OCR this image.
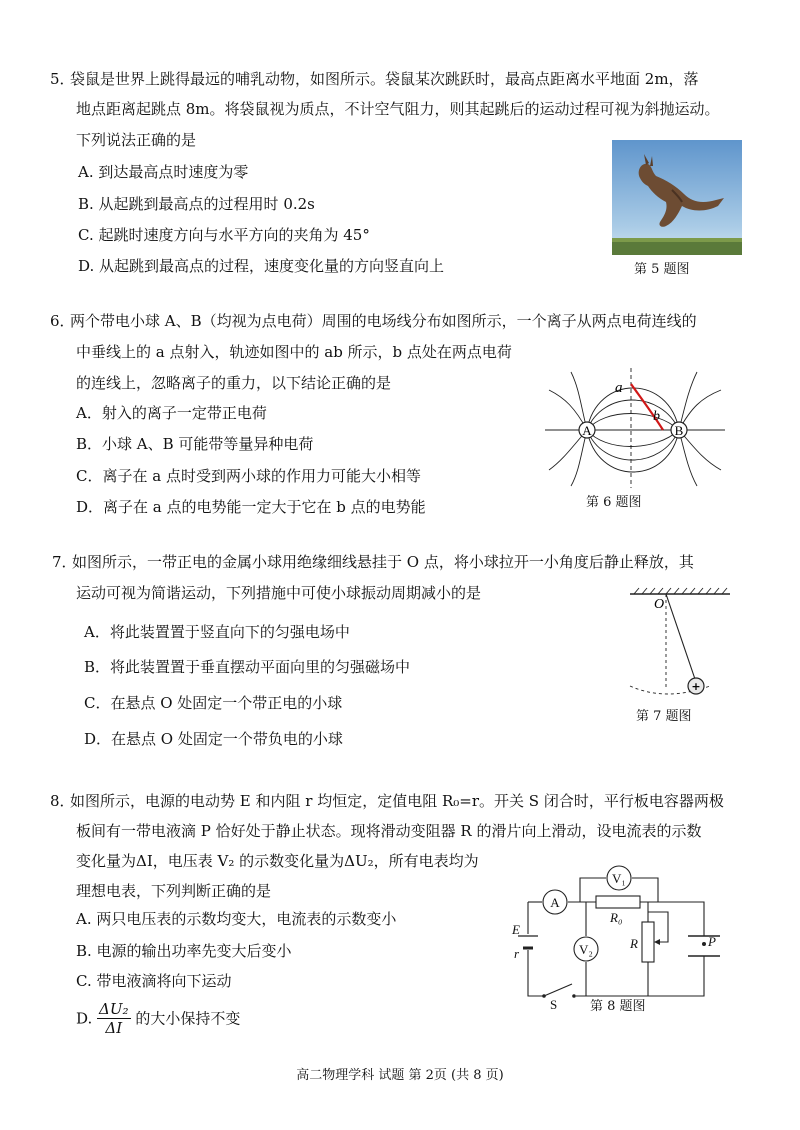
5．袋鼠是世界上跳得最远的哺乳动物，如图所示。袋鼠某次跳跃时，最高点距离水平地面 2m，落
地点距离起跳点 8m。将袋鼠视为质点，不计空气阻力，则其起跳后的运动过程可视为斜抛运动。
下列说法正确的是
A. 到达最高点时速度为零
B. 从起跳到最高点的过程用时 0.2s
C. 起跳时速度方向与水平方向的夹角为 45°
D. 从起跳到最高点的过程，速度变化量的方向竖直向上	第 5 题图
6．两个带电小球 A、B（均视为点电荷）周围的电场线分布如图所示，一个离子从两点电荷连线的
中垂线上的 a 点射入，轨迹如图中的 ab 所示，b 点处在两点电荷
的连线上，忽略离子的重力，以下结论正确的是
A．射入的离子一定带正电荷
B．小球 A、B 可能带等量异种电荷
C．离子在 a 点时受到两小球的作用力可能大小相等
D．离子在 a 点的电势能一定大于它在 b 点的电势能
A	B
a
b
第 6 题图
7．如图所示，一带正电的金属小球用绝缘细线悬挂于 O 点，将小球拉开一小角度后静止释放，其
运动可视为简谐运动，下列措施中可使小球振动周期减小的是
A．将此装置置于竖直向下的匀强电场中
B．将此装置置于垂直摆动平面向里的匀强磁场中
C．在悬点 O 处固定一个带正电的小球
D．在悬点 O 处固定一个带负电的小球
+
O
第 7 题图
8．如图所示，电源的电动势 E 和内阻 r 均恒定，定值电阻 R₀=r。开关 S 闭合时，平行板电容器两极
板间有一带电液滴 P 恰好处于静止状态。现将滑动变阻器 R 的滑片向上滑动，设电流表的示数
变化量为ΔI，电压表 V₂ 的示数变化量为ΔU₂，所有电表均为
理想电表，下列判断正确的是
A. 两只电压表的示数均变大，电流表的示数变小
B. 电源的输出功率先变大后变小
C. 带电液滴将向下运动
D. $\frac{\text{ΔU₂}}{\Delta I}$ 的大小保持不变
A
V₁
V₂
R₀
E
r
R	P
S	第 8 题图
高二物理学科 试题 第 2页 (共 8 页)
